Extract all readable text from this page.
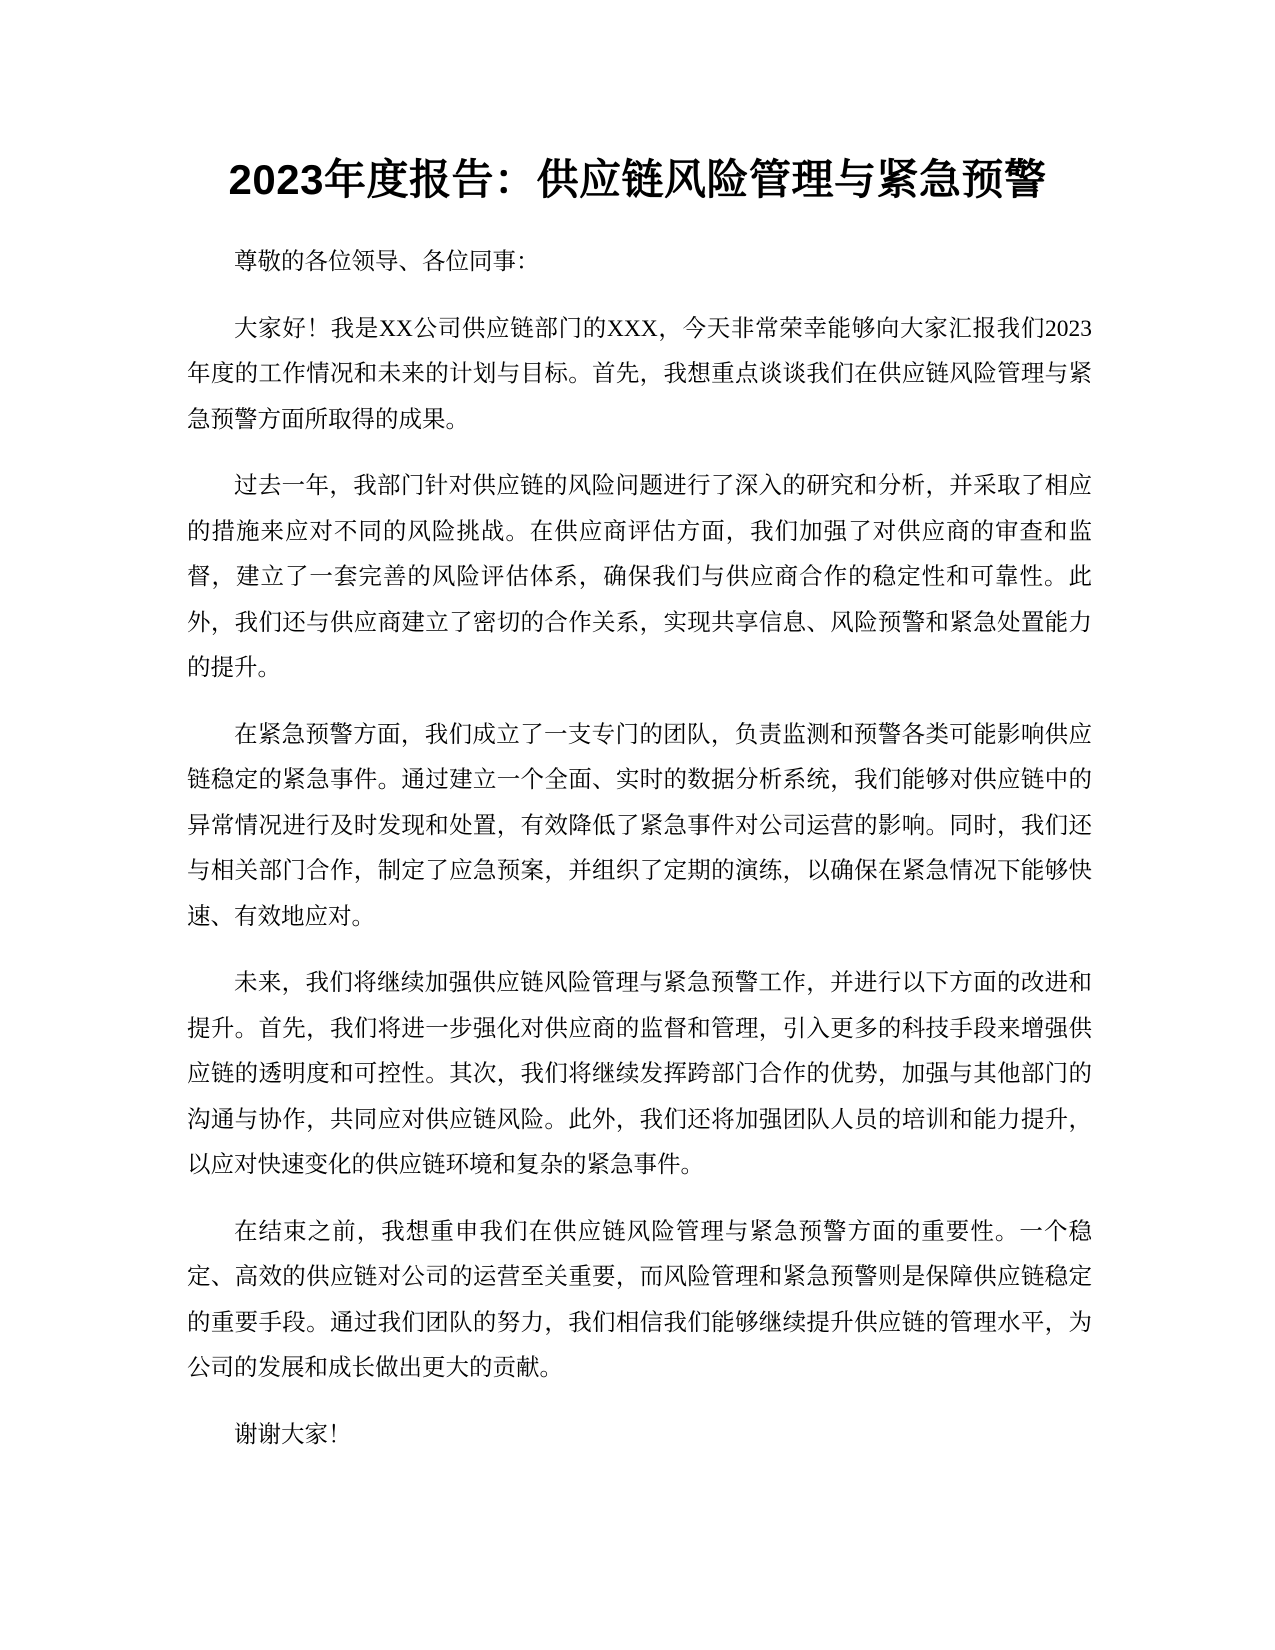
2023年度报告：供应链风险管理与紧急预警

尊敬的各位领导、各位同事：

大家好！我是XX公司供应链部门的XXX，今天非常荣幸能够向大家汇报我们2023年度的工作情况和未来的计划与目标。首先，我想重点谈谈我们在供应链风险管理与紧急预警方面所取得的成果。

过去一年，我部门针对供应链的风险问题进行了深入的研究和分析，并采取了相应的措施来应对不同的风险挑战。在供应商评估方面，我们加强了对供应商的审查和监督，建立了一套完善的风险评估体系，确保我们与供应商合作的稳定性和可靠性。此外，我们还与供应商建立了密切的合作关系，实现共享信息、风险预警和紧急处置能力的提升。

在紧急预警方面，我们成立了一支专门的团队，负责监测和预警各类可能影响供应链稳定的紧急事件。通过建立一个全面、实时的数据分析系统，我们能够对供应链中的异常情况进行及时发现和处置，有效降低了紧急事件对公司运营的影响。同时，我们还与相关部门合作，制定了应急预案，并组织了定期的演练，以确保在紧急情况下能够快速、有效地应对。

未来，我们将继续加强供应链风险管理与紧急预警工作，并进行以下方面的改进和提升。首先，我们将进一步强化对供应商的监督和管理，引入更多的科技手段来增强供应链的透明度和可控性。其次，我们将继续发挥跨部门合作的优势，加强与其他部门的沟通与协作，共同应对供应链风险。此外，我们还将加强团队人员的培训和能力提升，以应对快速变化的供应链环境和复杂的紧急事件。

在结束之前，我想重申我们在供应链风险管理与紧急预警方面的重要性。一个稳定、高效的供应链对公司的运营至关重要，而风险管理和紧急预警则是保障供应链稳定的重要手段。通过我们团队的努力，我们相信我们能够继续提升供应链的管理水平，为公司的发展和成长做出更大的贡献。

谢谢大家！
